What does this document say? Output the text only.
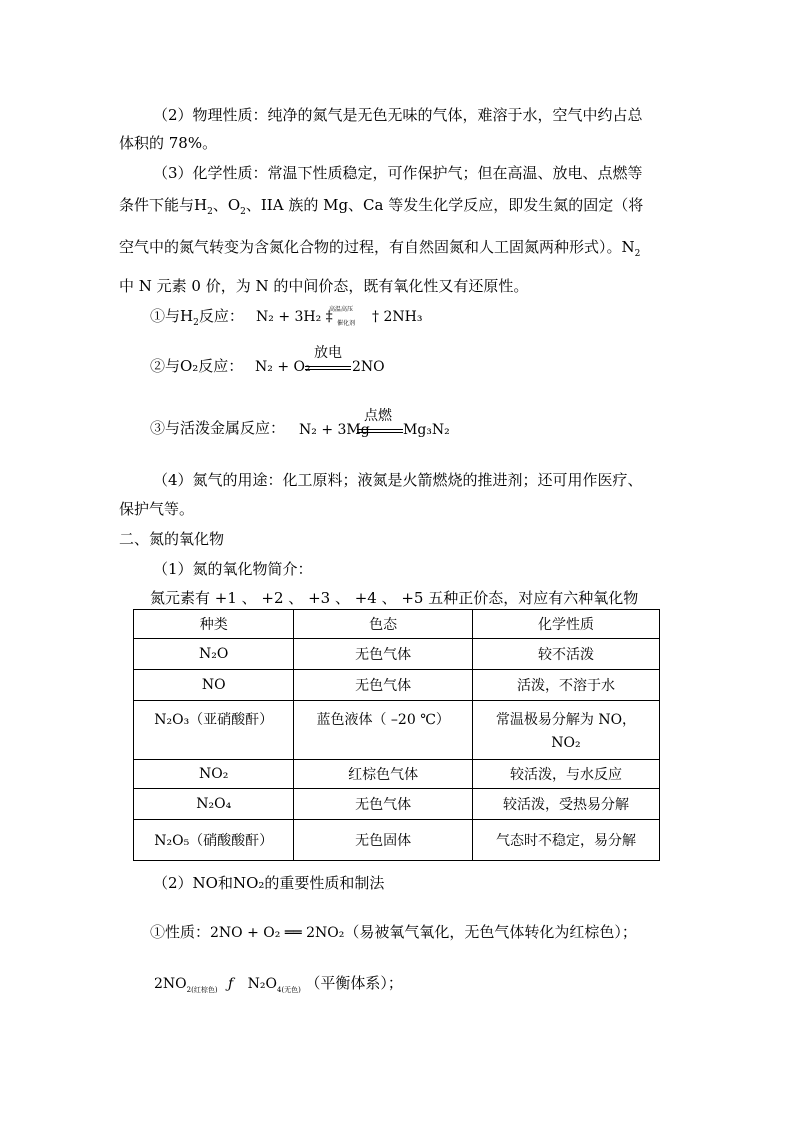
（2）物理性质：纯净的氮气是无色无味的气体，难溶于水，空气中约占总
体积的 78%。
（3）化学性质：常温下性质稳定，可作保护气；但在高温、放电、点燃等
条件下能与$H_2$、$O_2$、IIA 族的 Mg、Ca 等发生化学反应，即发生氮的固定（将
空气中的氮气转变为含氮化合物的过程，有自然固氮和人工固氮两种形式）。$N_2$
中 N 元素 0 价，为 N 的中间价态，既有氧化性又有还原性。
①与$H_2$反应： N₂ + 3H₂ ‡
高温高压
催化剂 † 2NH₃
②与O₂反应： N₂ + O₂
放电
2NO
③与活泼金属反应： N₂ + 3Mg
点燃
Mg₃N₂
（4）氮气的用途：化工原料；液氮是火箭燃烧的推进剂；还可用作医疗、
保护气等。
二、氮的氧化物
（1）氮的氧化物简介：
氮元素有 +1 、 +2 、 +3 、 +4 、 +5 五种正价态，对应有六种氧化物
种类	色态	化学性质
N₂O	无色气体	较不活泼
NO	无色气体	活泼，不溶于水
N₂O₃（亚硝酸酐）	蓝色液体（ –20 ℃）	常温极易分解为 NO，
NO₂

NO₂	红棕色气体	较活泼，与水反应
N₂O₄	无色气体	较活泼，受热易分解
N₂O₅（硝酸酸酐）	无色固体	气态时不稳定，易分解
（2）NO和NO₂的重要性质和制法
①性质：2NO + O₂ ══ 2NO₂（易被氧气氧化，无色气体转化为红棕色）；
$2NO_{2(红棕色)}$ ƒ $N_2O_{4(无色)}$ （平衡体系）；
